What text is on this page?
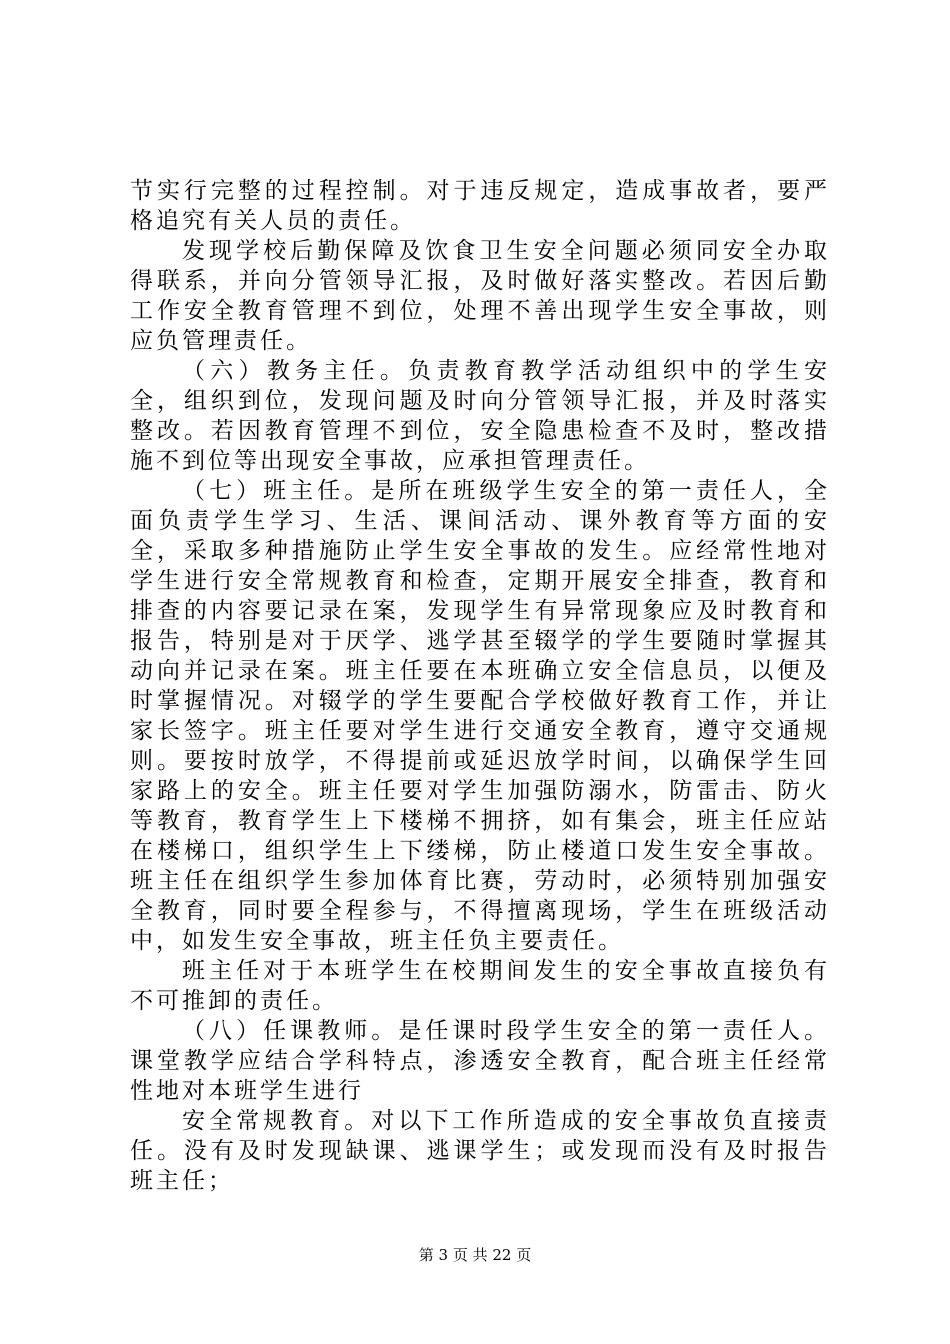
节实行完整的过程控制。对于违反规定，造成事故者，要严格追究有关人员的责任。

发现学校后勤保障及饮食卫生安全问题必须同安全办取得联系，并向分管领导汇报，及时做好落实整改。若因后勤工作安全教育管理不到位，处理不善出现学生安全事故，则应负管理责任。

（六）教务主任。负责教育教学活动组织中的学生安全，组织到位，发现问题及时向分管领导汇报，并及时落实整改。若因教育管理不到位，安全隐患检查不及时，整改措施不到位等出现安全事故，应承担管理责任。

（七）班主任。是所在班级学生安全的第一责任人，全面负责学生学习、生活、课间活动、课外教育等方面的安全，采取多种措施防止学生安全事故的发生。应经常性地对学生进行安全常规教育和检查，定期开展安全排查，教育和排查的内容要记录在案，发现学生有异常现象应及时教育和报告，特别是对于厌学、逃学甚至辍学的学生要随时掌握其动向并记录在案。班主任要在本班确立安全信息员，以便及时掌握情况。对辍学的学生要配合学校做好教育工作，并让家长签字。班主任要对学生进行交通安全教育，遵守交通规则。要按时放学，不得提前或延迟放学时间，以确保学生回家路上的安全。班主任要对学生加强防溺水，防雷击、防火等教育，教育学生上下楼梯不拥挤，如有集会，班主任应站在楼梯口，组织学生上下缕梯，防止楼道口发生安全事故。班主任在组织学生参加体育比赛，劳动时，必须特别加强安全教育，同时要全程参与，不得擅离现场，学生在班级活动中，如发生安全事故，班主任负主要责任。

班主任对于本班学生在校期间发生的安全事故直接负有不可推卸的责任。

（八）任课教师。是任课时段学生安全的第一责任人。课堂教学应结合学科特点，渗透安全教育，配合班主任经常性地对本班学生进行

安全常规教育。对以下工作所造成的安全事故负直接责任。没有及时发现缺课、逃课学生；或发现而没有及时报告班主任；

第 3 页 共 22 页
